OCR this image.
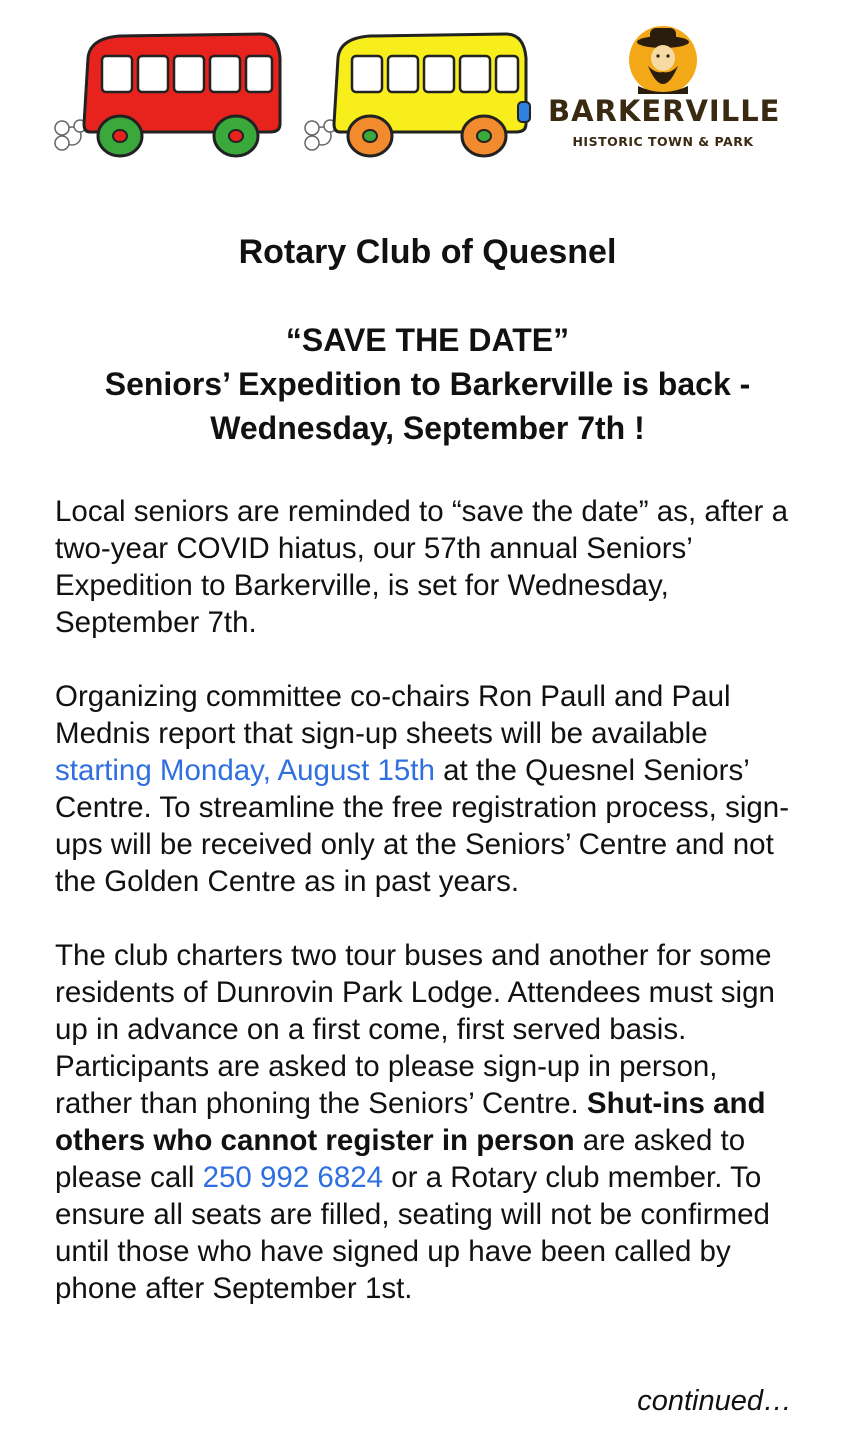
BARKERVILLE
HISTORIC TOWN & PARK
Rotary Club of Quesnel
“SAVE THE DATE”
Seniors’ Expedition to Barkerville is back -
Wednesday, September 7th !

Local seniors are reminded to “save the date” as, after a two-year COVID hiatus, our 57th annual Seniors’ Expedition to Barkerville, is set for Wednesday, September 7th.

Organizing committee co-chairs Ron Paull and Paul Mednis report that sign-up sheets will be available starting Monday, August 15th at the Quesnel Seniors’ Centre. To streamline the free registration process, sign-ups will be received only at the Seniors’ Centre and not the Golden Centre as in past years.

The club charters two tour buses and another for some residents of Dunrovin Park Lodge. Attendees must sign up in advance on a first come, first served basis. Participants are asked to please sign-up in person, rather than phoning the Seniors’ Centre. Shut-ins and others who cannot register in person are asked to please call 250 992 6824 or a Rotary club member. To ensure all seats are filled, seating will not be confirmed until those who have signed up have been called by phone after September 1st.

continued…
